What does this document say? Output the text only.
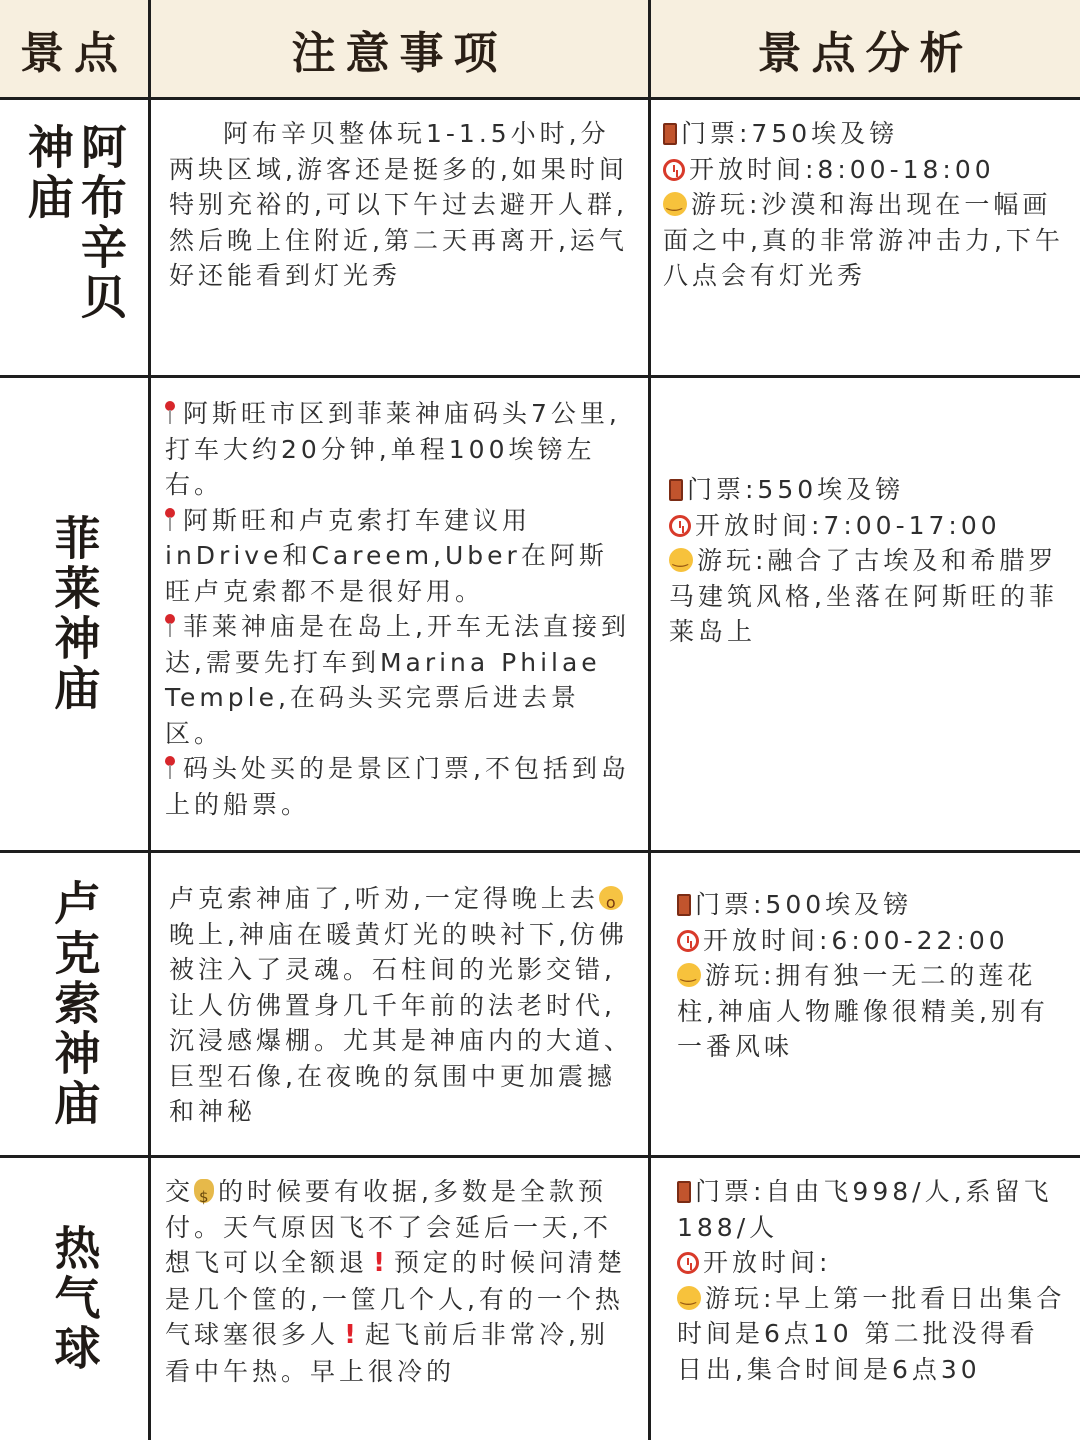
景点	注意事项	景点分析
阿布辛贝神庙	阿布辛贝整体玩1-1.5小时,分两块区域,游客还是挺多的,如果时间特别充裕的,可以下午过去避开人群,然后晚上住附近,第二天再离开,运气好还能看到灯光秀

门票:750埃及镑

开放时间:8:00-18:00

‿游玩:沙漠和海出现在一幅画面之中,真的非常游冲击力,下午八点会有灯光秀

菲莱神庙

阿斯旺市区到菲莱神庙码头7公里,打车大约20分钟,单程100埃镑左右。

阿斯旺和卢克索打车建议用inDrive和Careem,Uber在阿斯旺卢克索都不是很好用。

菲莱神庙是在岛上,开车无法直接到达,需要先打车到Marina Philae Temple,在码头买完票后进去景区。

码头处买的是景区门票,不包括到岛上的船票。

门票:550埃及镑

开放时间:7:00-17:00

‿游玩:融合了古埃及和希腊罗马建筑风格,坐落在阿斯旺的菲莱岛上

卢克索神庙	卢克索神庙了,听劝,一定得晚上去o晚上,神庙在暖黄灯光的映衬下,仿佛被注入了灵魂。石柱间的光影交错,让人仿佛置身几千年前的法老时代,沉浸感爆棚。尤其是神庙内的大道、巨型石像,在夜晚的氛围中更加震撼和神秘

门票:500埃及镑

开放时间:6:00-22:00

‿游玩:拥有独一无二的莲花柱,神庙人物雕像很精美,别有一番风味

热气球

交$ 的时候要有收据,多数是全款预付。天气原因飞不了会延后一天,不想飞可以全额退 ! 预定的时候问清楚是几个筐的,一筐几个人,有的一个热气球塞很多人 ! 起飞前后非常冷,别看中午热。早上很冷的

门票:自由飞998/人,系留飞188/人

开放时间:

‿游玩:早上第一批看日出集合时间是6点10 第二批没得看日出,集合时间是6点30
